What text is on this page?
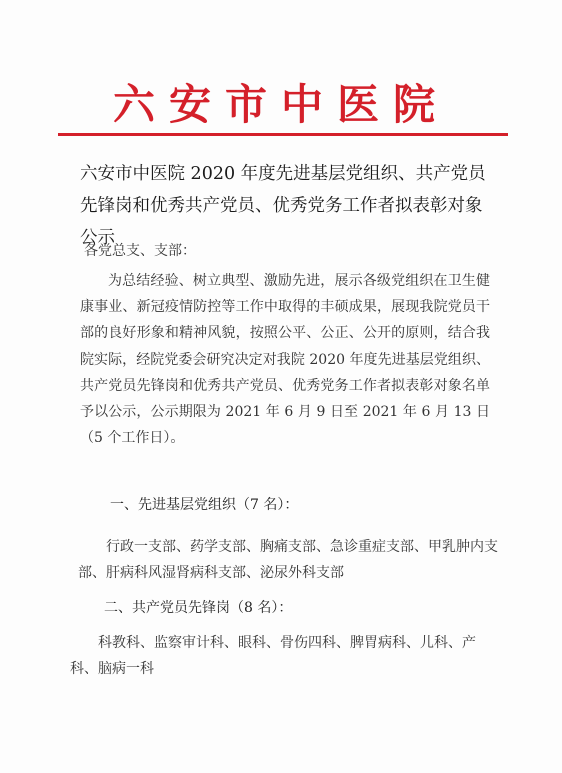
六安市中医院
六安市中医院 2020 年度先进基层党组织、共产党员先锋岗和优秀共产党员、优秀党务工作者拟表彰对象公示
各党总支、支部：
为总结经验、树立典型、激励先进，展示各级党组织在卫生健康事业、新冠疫情防控等工作中取得的丰硕成果，展现我院党员干部的良好形象和精神风貌，按照公平、公正、公开的原则，结合我院实际，经院党委会研究决定对我院 2020 年度先进基层党组织、共产党员先锋岗和优秀共产党员、优秀党务工作者拟表彰对象名单予以公示，公示期限为 2021 年 6 月 9 日至 2021 年 6 月 13 日（5 个工作日）。
一、先进基层党组织（7 名）：
行政一支部、药学支部、胸痛支部、急诊重症支部、甲乳肿内支部、肝病科风湿肾病科支部、泌尿外科支部
二、共产党员先锋岗（8 名）：
科教科、监察审计科、眼科、骨伤四科、脾胃病科、儿科、产科、脑病一科
